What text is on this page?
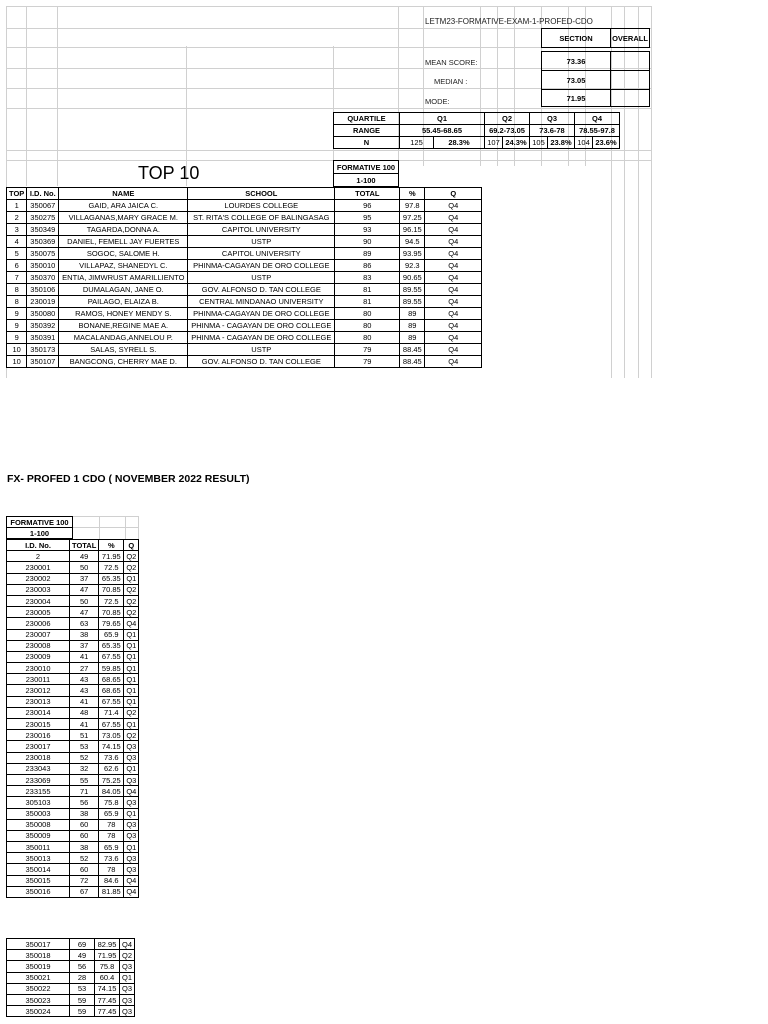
LETM23-FORMATIVE-EXAM-1-PROFED-CDO
SECTION	OVERALL
MEAN SCORE:	73.36
MEDIAN :	73.05
MODE:	71.95
QUARTILE	Q1		Q2		Q3		Q4	
RANGE	55.45-68.65		69.2-73.05		73.6-78		78.55-97.8	
N	125	28.3%	107	24.3%	105	23.8%	104	23.6%
TOP 10	FORMATIVE 100
1-100
TOP	I.D. No.	NAME	SCHOOL	TOTAL	%	Q
1	350067	GAID, ARA JAICA C.	LOURDES COLLEGE	96	97.8	Q4
2	350275	VILLAGANAS,MARY GRACE M.	ST. RITA'S COLLEGE OF BALINGASAG	95	97.25	Q4
3	350349	TAGARDA,DONNA A.	CAPITOL UNIVERSITY	93	96.15	Q4
4	350369	DANIEL, FEMELL JAY FUERTES	USTP	90	94.5	Q4
5	350075	SOGOC, SALOME H.	CAPITOL UNIVERSITY	89	93.95	Q4
6	350010	VILLAPAZ, SHANEDYL C.	PHINMA-CAGAYAN DE ORO COLLEGE	86	92.3	Q4
7	350370	ENTIA, JIMWRUST AMARILLIENTO	USTP	83	90.65	Q4
8	350106	DUMALAGAN, JANE O.	GOV. ALFONSO D. TAN COLLEGE	81	89.55	Q4
8	230019	PAILAGO, ELAIZA B.	CENTRAL MINDANAO UNIVERSITY	81	89.55	Q4
9	350080	RAMOS, HONEY MENDY S.	PHINMA-CAGAYAN DE ORO COLLEGE	80	89	Q4
9	350392	BONANE,REGINE MAE A.	PHINMA - CAGAYAN DE ORO COLLEGE	80	89	Q4
9	350391	MACALANDAG,ANNELOU P.	PHINMA - CAGAYAN DE ORO COLLEGE	80	89	Q4
10	350173	SALAS, SYRELL S.	USTP	79	88.45	Q4
10	350107	BANGCONG, CHERRY MAE D.	GOV. ALFONSO D. TAN COLLEGE	79	88.45	Q4
FX- PROFED 1 CDO ( NOVEMBER 2022 RESULT)
FORMATIVE 100
1-100
I.D. No.	TOTAL	%	Q
2	49	71.95	Q2
230001	50	72.5	Q2
230002	37	65.35	Q1
230003	47	70.85	Q2
230004	50	72.5	Q2
230005	47	70.85	Q2
230006	63	79.65	Q4
230007	38	65.9	Q1
230008	37	65.35	Q1
230009	41	67.55	Q1
230010	27	59.85	Q1
230011	43	68.65	Q1
230012	43	68.65	Q1
230013	41	67.55	Q1
230014	48	71.4	Q2
230015	41	67.55	Q1
230016	51	73.05	Q2
230017	53	74.15	Q3
230018	52	73.6	Q3
233043	32	62.6	Q1
233069	55	75.25	Q3
233155	71	84.05	Q4
305103	56	75.8	Q3
350003	38	65.9	Q1
350008	60	78	Q3
350009	60	78	Q3
350011	38	65.9	Q1
350013	52	73.6	Q3
350014	60	78	Q3
350015	72	84.6	Q4
350016	67	81.85	Q4
350017	69	82.95	Q4
350018	49	71.95	Q2
350019	56	75.8	Q3
350021	28	60.4	Q1
350022	53	74.15	Q3
350023	59	77.45	Q3
350024	59	77.45	Q3
